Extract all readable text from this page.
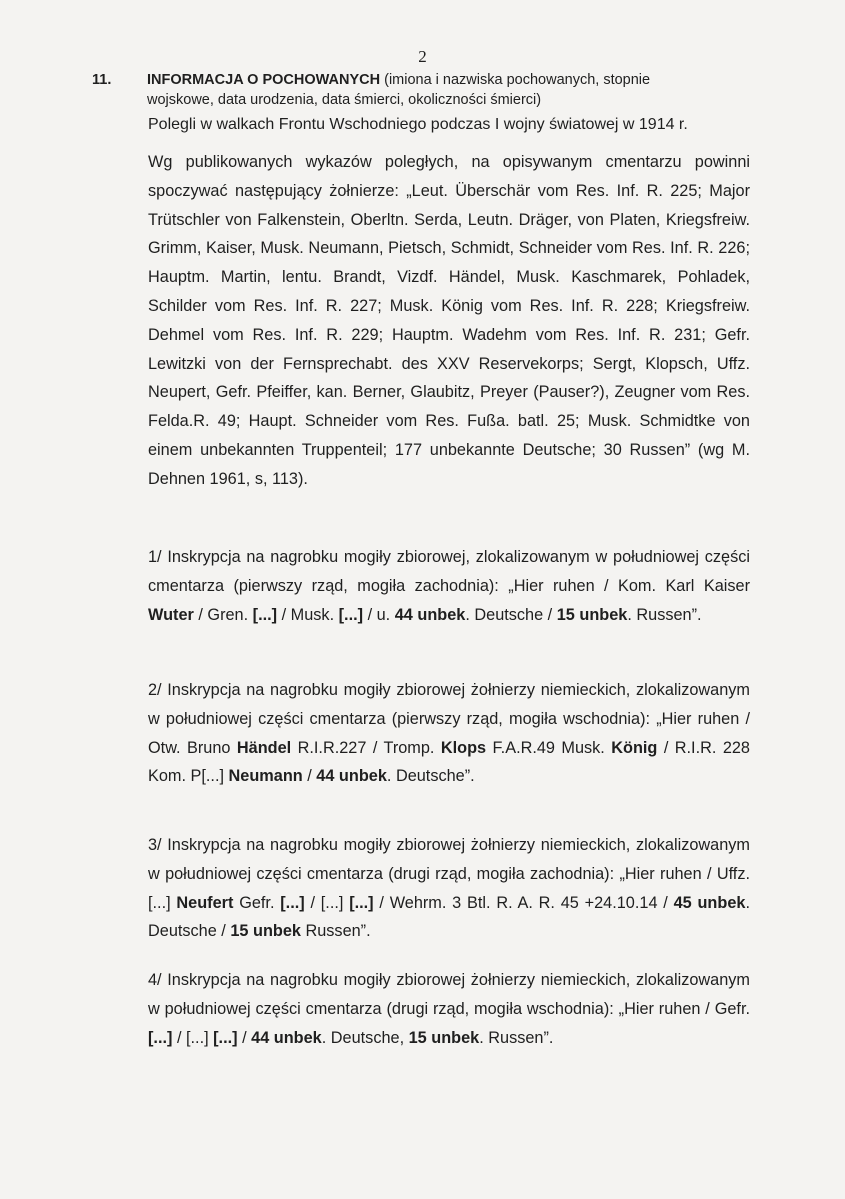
2
11. INFORMACJA O POCHOWANYCH (imiona i nazwiska pochowanych, stopnie
wojskowe, data urodzenia, data śmierci, okoliczności śmierci)
Polegli w walkach Frontu Wschodniego podczas I wojny światowej w 1914 r.

Wg publikowanych wykazów poległych, na opisywanym cmentarzu powinni spoczywać następujący żołnierze: „Leut. Überschär vom Res. Inf. R. 225; Major Trütschler von Falkenstein, Oberltn. Serda, Leutn. Dräger, von Platen, Kriegsfreiw. Grimm, Kaiser, Musk. Neumann, Pietsch, Schmidt, Schneider vom Res. Inf. R. 226; Hauptm. Martin, lentu. Brandt, Vizdf. Händel, Musk. Kaschmarek, Pohladek, Schilder vom Res. Inf. R. 227; Musk. König vom Res. Inf. R. 228; Kriegsfreiw. Dehmel vom Res. Inf. R. 229; Hauptm. Wadehm vom Res. Inf. R. 231; Gefr. Lewitzki von der Fernsprechabt. des XXV Reservekorps; Sergt, Klopsch, Uffz. Neupert, Gefr. Pfeiffer, kan. Berner, Glaubitz, Preyer (Pauser?), Zeugner vom Res. Felda.R. 49; Haupt. Schneider vom Res. Fußa. batl. 25; Musk. Schmidtke von einem unbekannten Truppenteil; 177 unbekannte Deutsche; 30 Russen” (wg M. Dehnen 1961, s, 113).

1/ Inskrypcja na nagrobku mogiły zbiorowej, zlokalizowanym w południowej części cmentarza (pierwszy rząd, mogiła zachodnia): „Hier ruhen / Kom. Karl Kaiser Wuter / Gren. [...] / Musk. [...] / u. 44 unbek. Deutsche / 15 unbek. Russen”.

2/ Inskrypcja na nagrobku mogiły zbiorowej żołnierzy niemieckich, zlokalizowanym w południowej części cmentarza (pierwszy rząd, mogiła wschodnia): „Hier ruhen / Otw. Bruno Händel R.I.R.227 / Tromp. Klops F.A.R.49 Musk. König / R.I.R. 228 Kom. P[...] Neumann / 44 unbek. Deutsche”.

3/ Inskrypcja na nagrobku mogiły zbiorowej żołnierzy niemieckich, zlokalizowanym w południowej części cmentarza (drugi rząd, mogiła zachodnia): „Hier ruhen / Uffz. [...] Neufert Gefr. [...] / [...] [...] / Wehrm. 3 Btl. R. A. R. 45 +24.10.14 / 45 unbek. Deutsche / 15 unbek Russen”.

4/ Inskrypcja na nagrobku mogiły zbiorowej żołnierzy niemieckich, zlokalizowanym w południowej części cmentarza (drugi rząd, mogiła wschodnia): „Hier ruhen / Gefr. [...] / [...] [...] / 44 unbek. Deutsche, 15 unbek. Russen”.
